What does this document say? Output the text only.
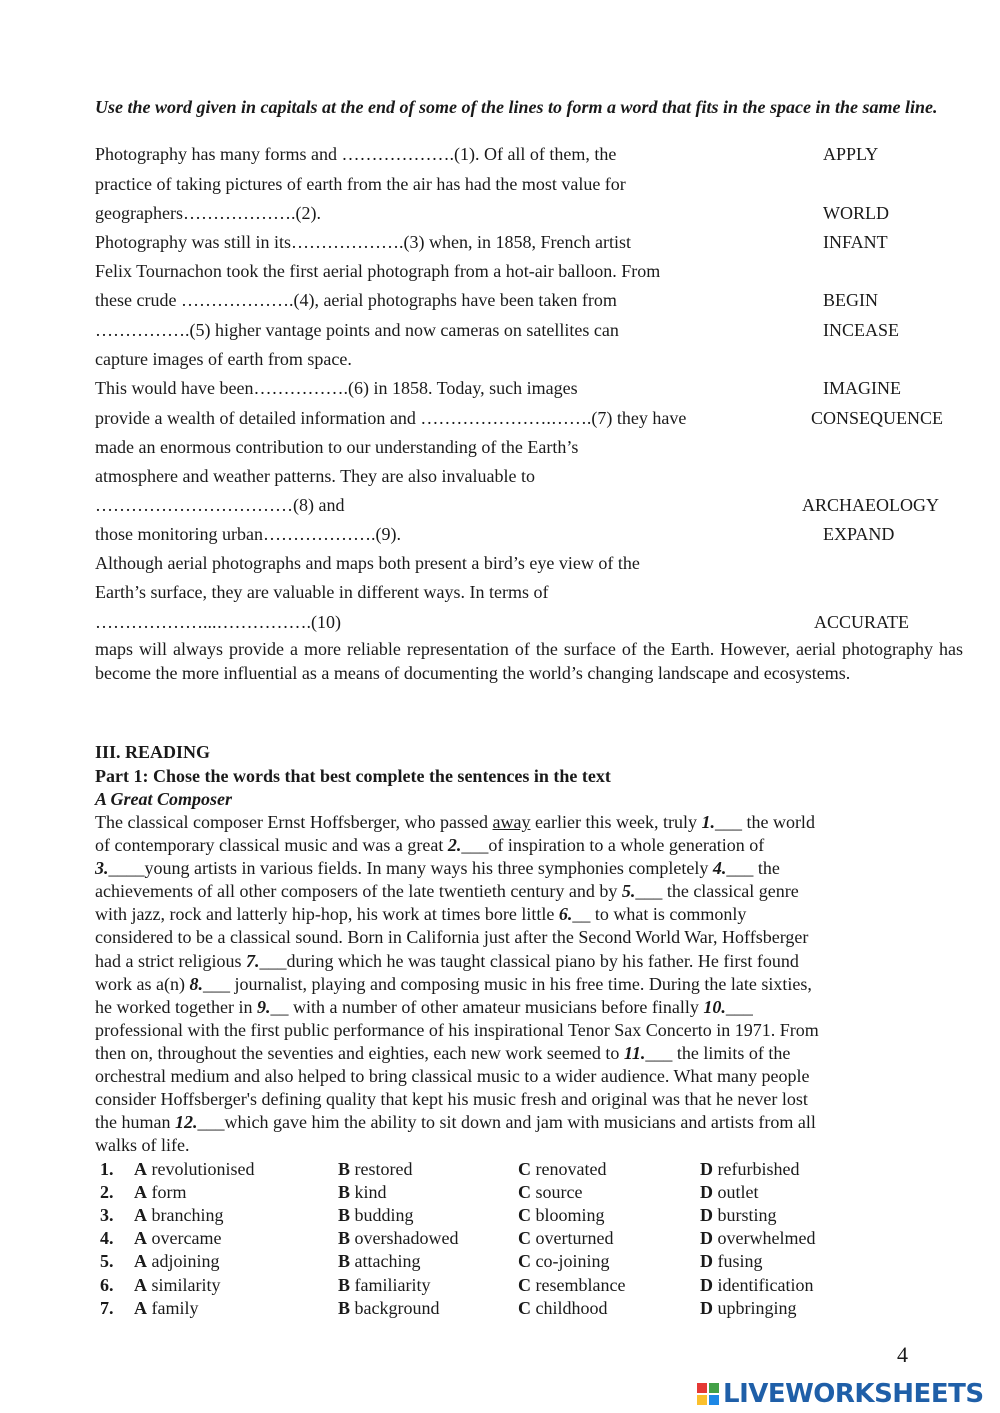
Use the word given in capitals at the end of some of the lines to form a word that fits in the space in the same line.
Photography has many forms and ……………….(1). Of all of them, the	APPLY
practice of taking pictures of earth from the air has had the most value for
geographers……………….(2).	WORLD
Photography was still in its……………….(3) when, in 1858, French artist	INFANT
Felix Tournachon took the first aerial photograph from a hot-air balloon. From
these crude ……………….(4), aerial photographs have been taken from	BEGIN
…………….(5) higher vantage points and now cameras on satellites can	INCEASE
capture images of earth from space.
This would have been…………….(6) in 1858. Today, such images	IMAGINE
provide a wealth of detailed information and ………………….…….(7) they have	CONSEQUENCE
made an enormous contribution to our understanding of the Earth’s
atmosphere and weather patterns. They are also invaluable to
……………………………(8) and	ARCHAEOLOGY
those monitoring urban……………….(9).	EXPAND
Although aerial photographs and maps both present a bird’s eye view of the
Earth’s surface, they are valuable in different ways. In terms of
………………...…………….(10)	ACCURATE
maps will always provide a more reliable representation of the surface of the Earth. However, aerial photography has become the more influential as a means of documenting the world’s changing landscape and ecosystems.
III. READING
Part 1: Chose the words that best complete the sentences in the text
A Great Composer
The classical composer Ernst Hoffsberger, who passed away earlier this week, truly 1.___ the world
of contemporary classical music and was a great 2.___of inspiration to a whole generation of
3.____young artists in various fields. In many ways his three symphonies completely 4.___ the
achievements of all other composers of the late twentieth century and by 5.___ the classical genre
with jazz, rock and latterly hip-hop, his work at times bore little 6.__ to what is commonly
considered to be a classical sound. Born in California just after the Second World War, Hoffsberger
had a strict religious 7.___during which he was taught classical piano by his father. He first found
work as a(n) 8.___ journalist, playing and composing music in his free time. During the late sixties,
he worked together in 9.__ with a number of other amateur musicians before finally 10.___
professional with the first public performance of his inspirational Tenor Sax Concerto in 1971. From
then on, throughout the seventies and eighties, each new work seemed to 11.___ the limits of the
orchestral medium and also helped to bring classical music to a wider audience. What many people
consider Hoffsberger's defining quality that kept his music fresh and original was that he never lost
the human 12.___which gave him the ability to sit down and jam with musicians and artists from all
walks of life.
1. A revolutionised	B restored	C renovated	D refurbished
2. A form	B kind	C source	D outlet
3. A branching	B budding	C blooming	D bursting
4. A overcame	B overshadowed	C overturned	D overwhelmed
5. A adjoining	B attaching	C co-joining	D fusing
6. A similarity	B familiarity	C resemblance	D identification
7. A family	B background	C childhood	D upbringing
4
LIVEWORKSHEETS
